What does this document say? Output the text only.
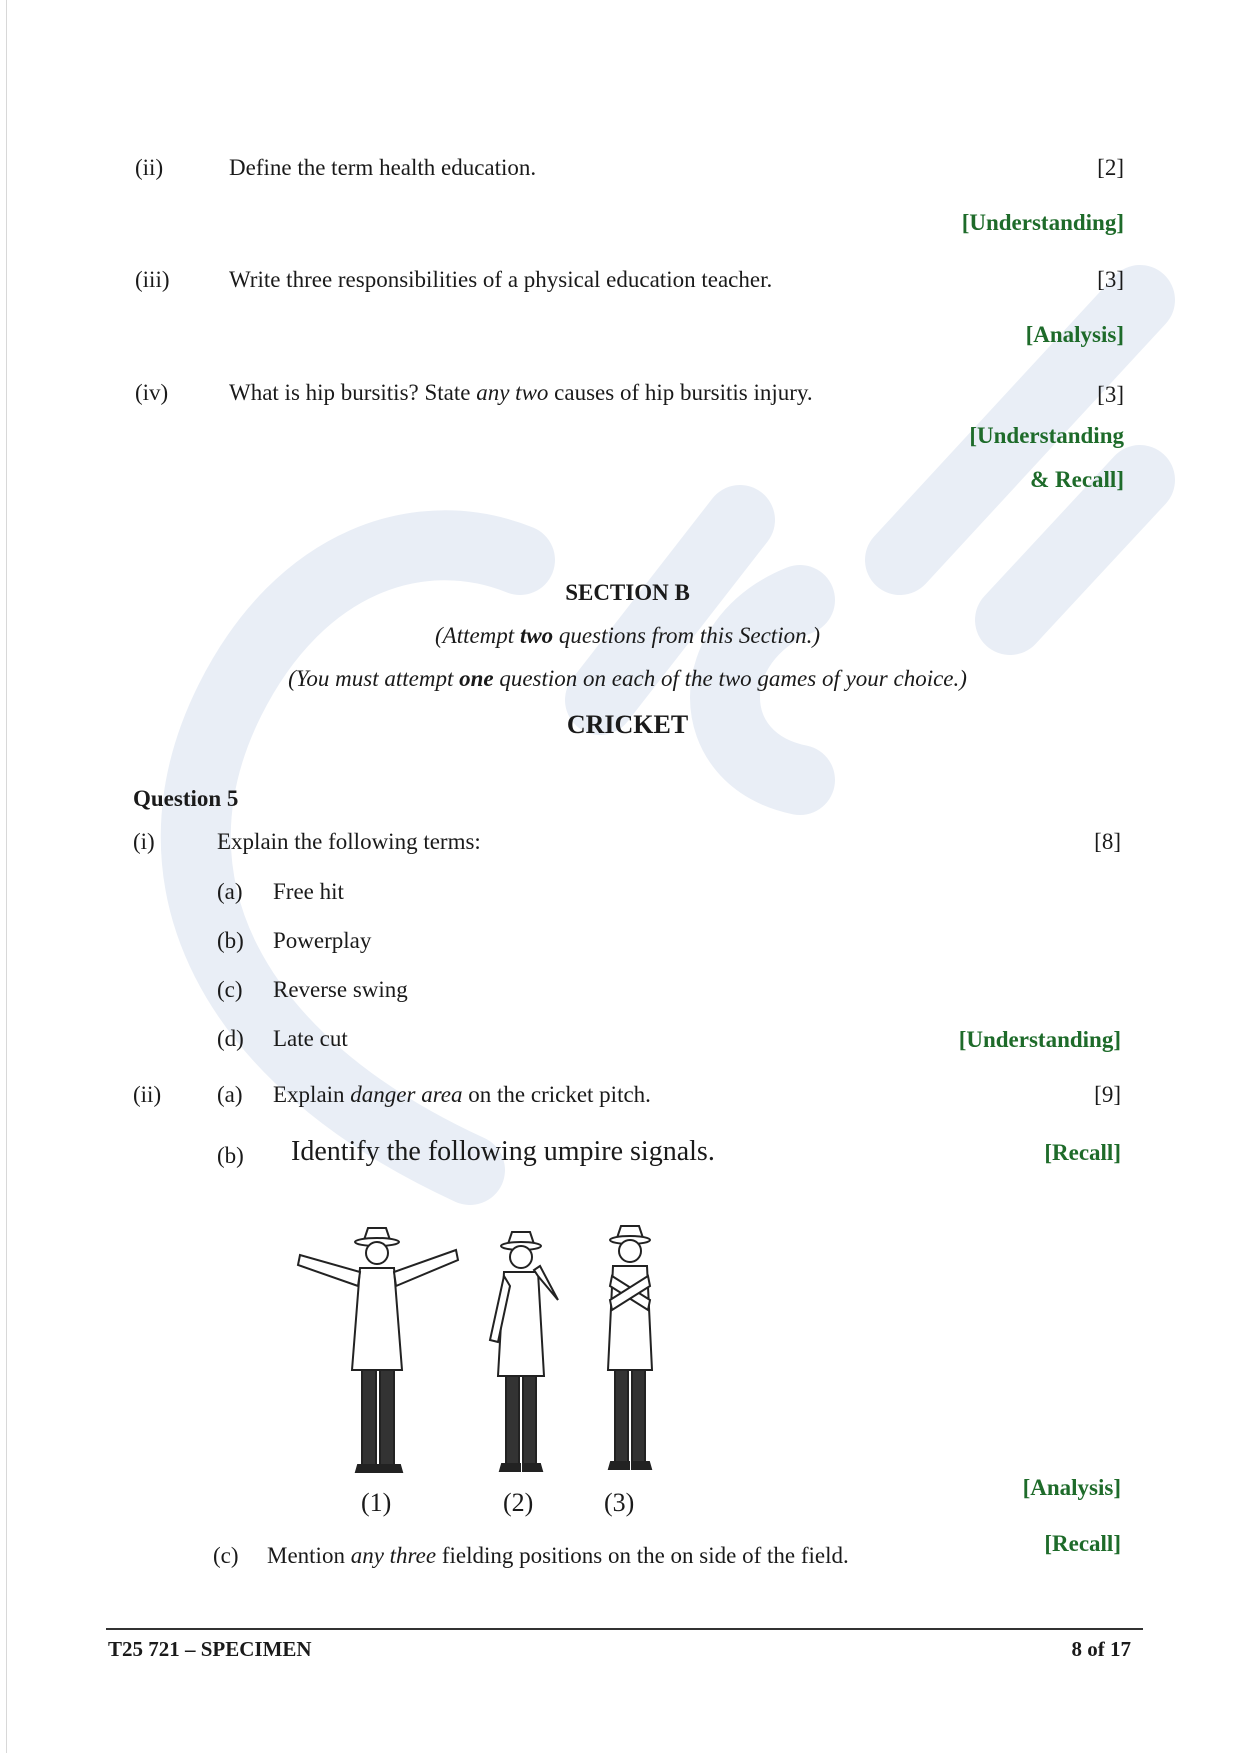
(ii)	Define the term health education.	[2]
[Understanding]
(iii)	Write three responsibilities of a physical education teacher.	[3]
[Analysis]
(iv)	What is hip bursitis? State any two causes of hip bursitis injury.	[3]
[Understanding
& Recall]
SECTION B
(Attempt two questions from this Section.)
(You must attempt one question on each of the two games of your choice.)
CRICKET
Question 5
(i)	Explain the following terms:	[8]
(a) Free hit
(b) Powerplay
(c) Reverse swing
(d) Late cut	[Understanding]
(ii) (a) Explain danger area on the cricket pitch.	[9]
(b) Identify the following umpire signals.	[Recall]
(1)	(2)	(3)
[Analysis]
(c) Mention any three fielding positions on the on side of the field.	[Recall]
T25 721 – SPECIMEN	8 of 17
